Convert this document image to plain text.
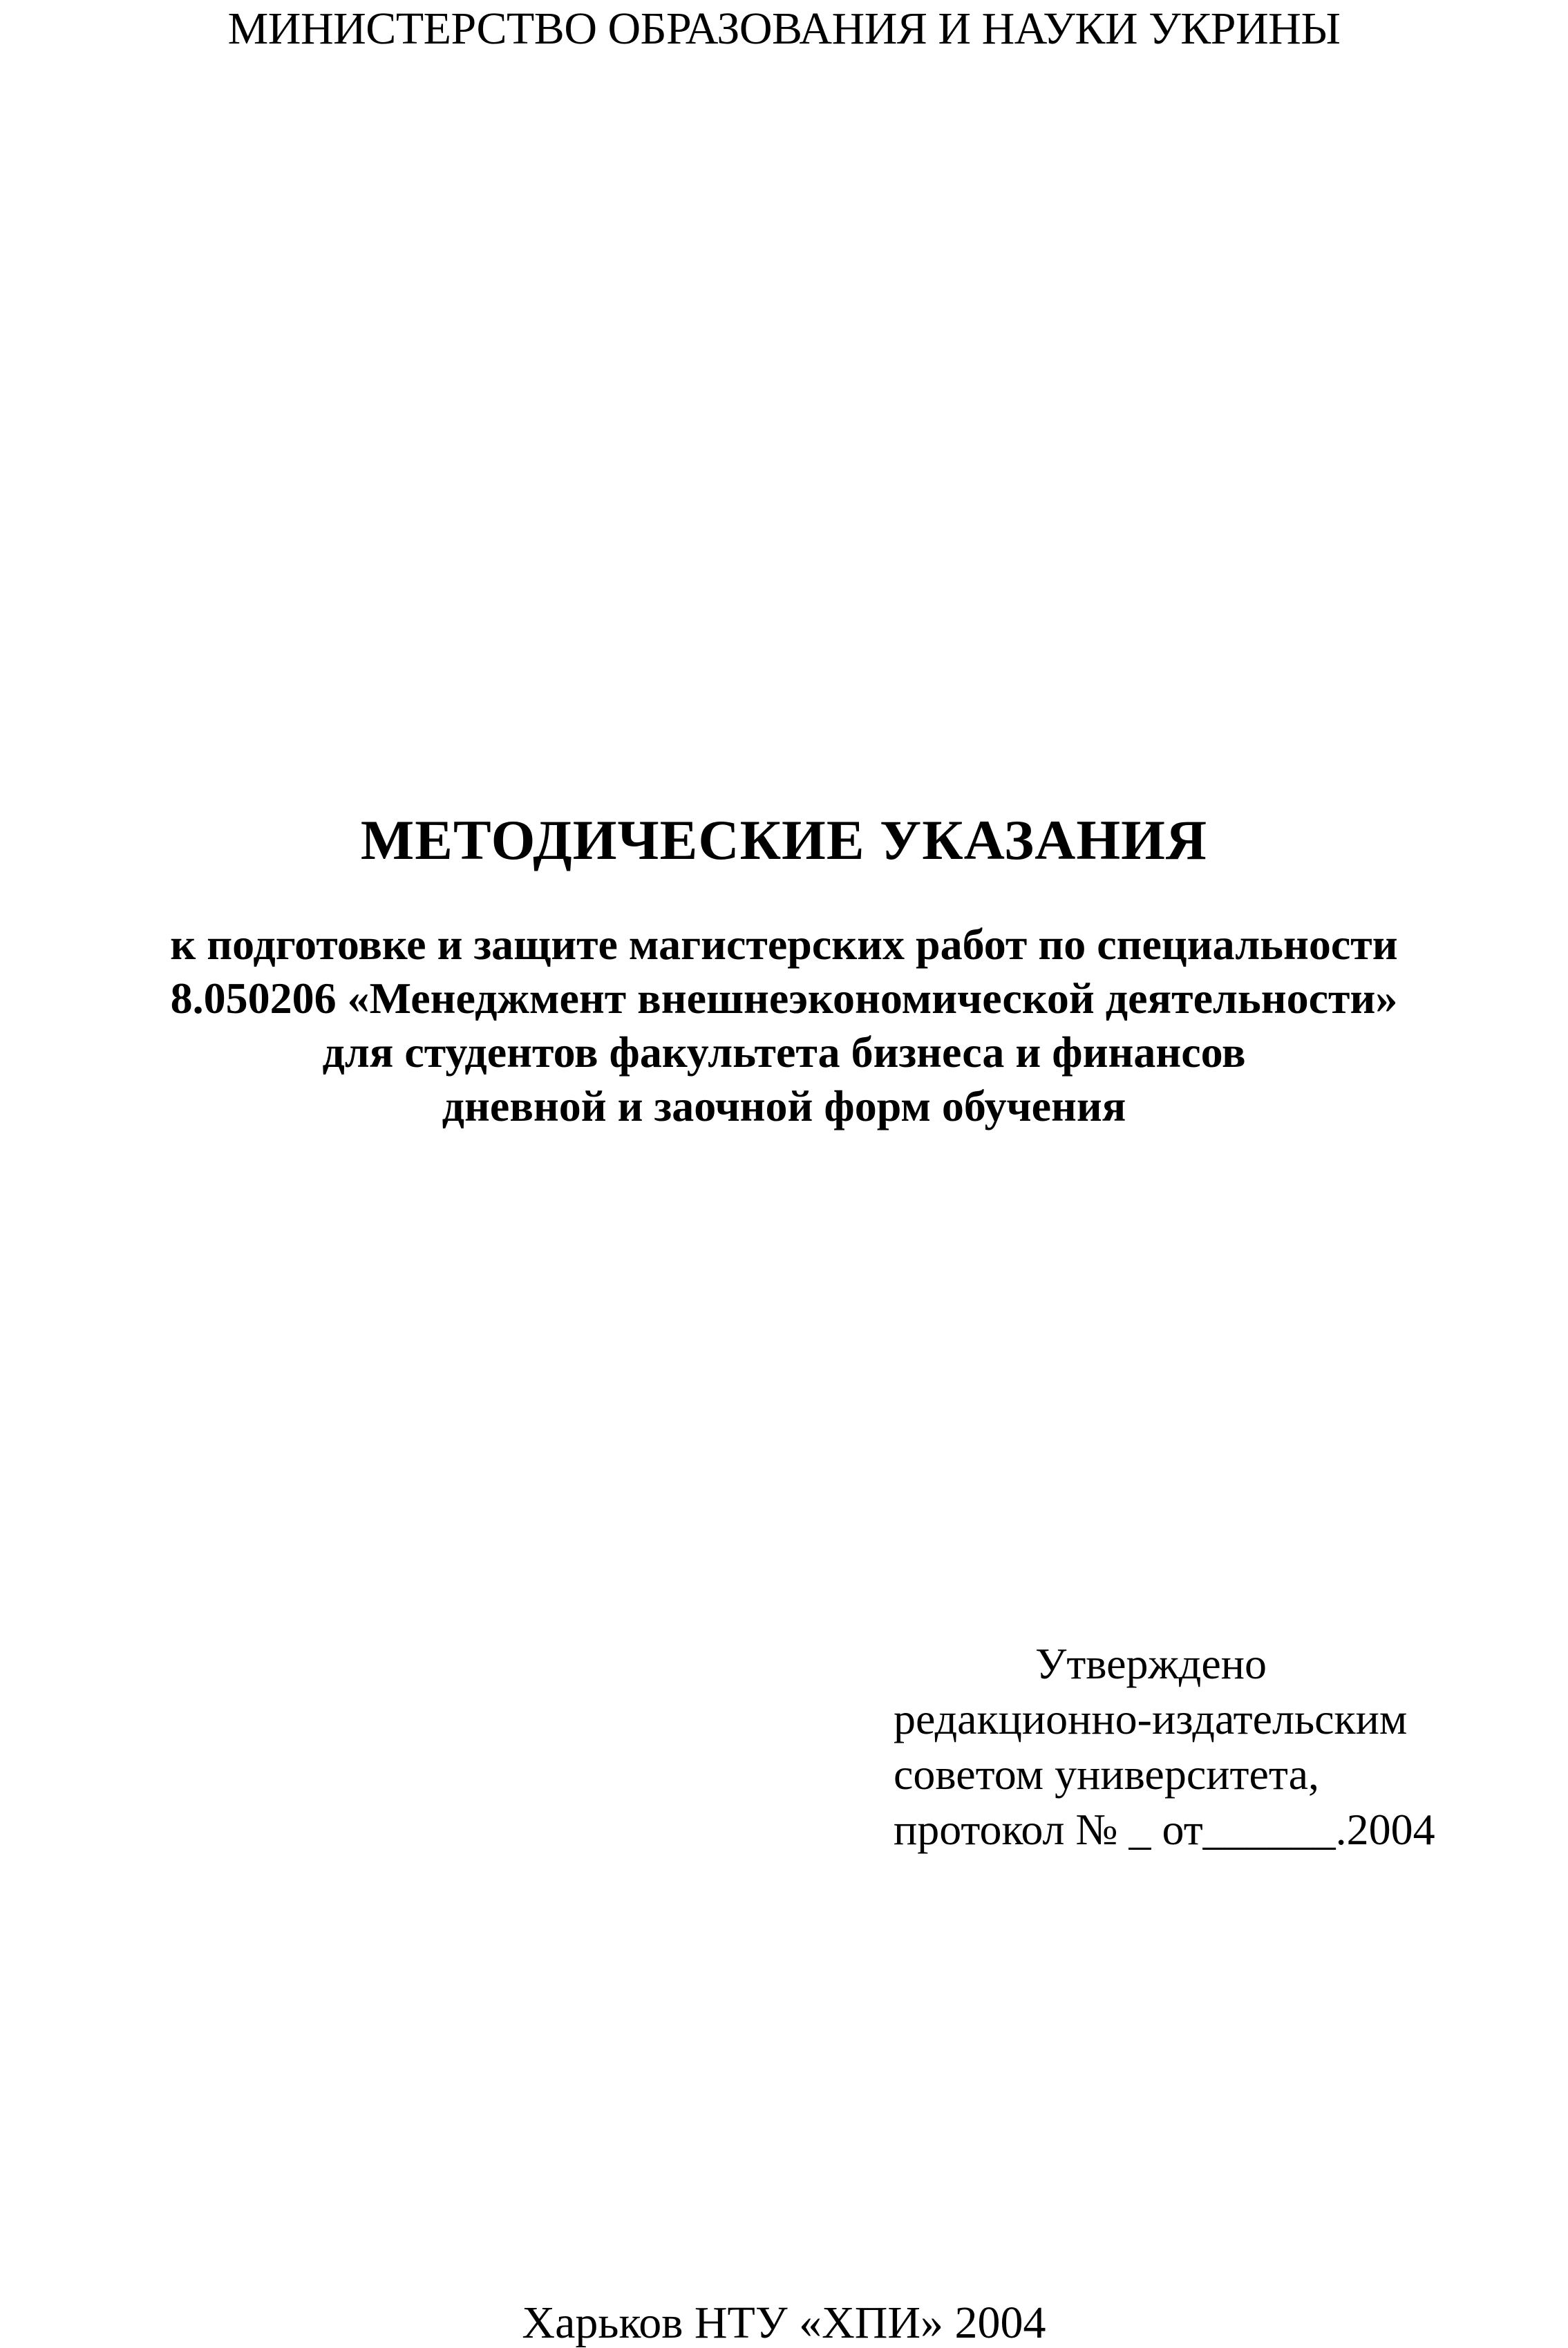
МИНИСТЕРСТВО ОБРАЗОВАНИЯ И НАУКИ УКРИНЫ
МЕТОДИЧЕСКИЕ УКАЗАНИЯ
к подготовке и защите магистерских работ по специальности
8.050206 «Менеджмент внешнеэкономической деятельности»
для студентов факультета бизнеса и финансов
дневной и заочной форм обучения
Утверждено
редакционно-издательским
советом университета,
протокол № _ от______.2004
Харьков НТУ «ХПИ» 2004
